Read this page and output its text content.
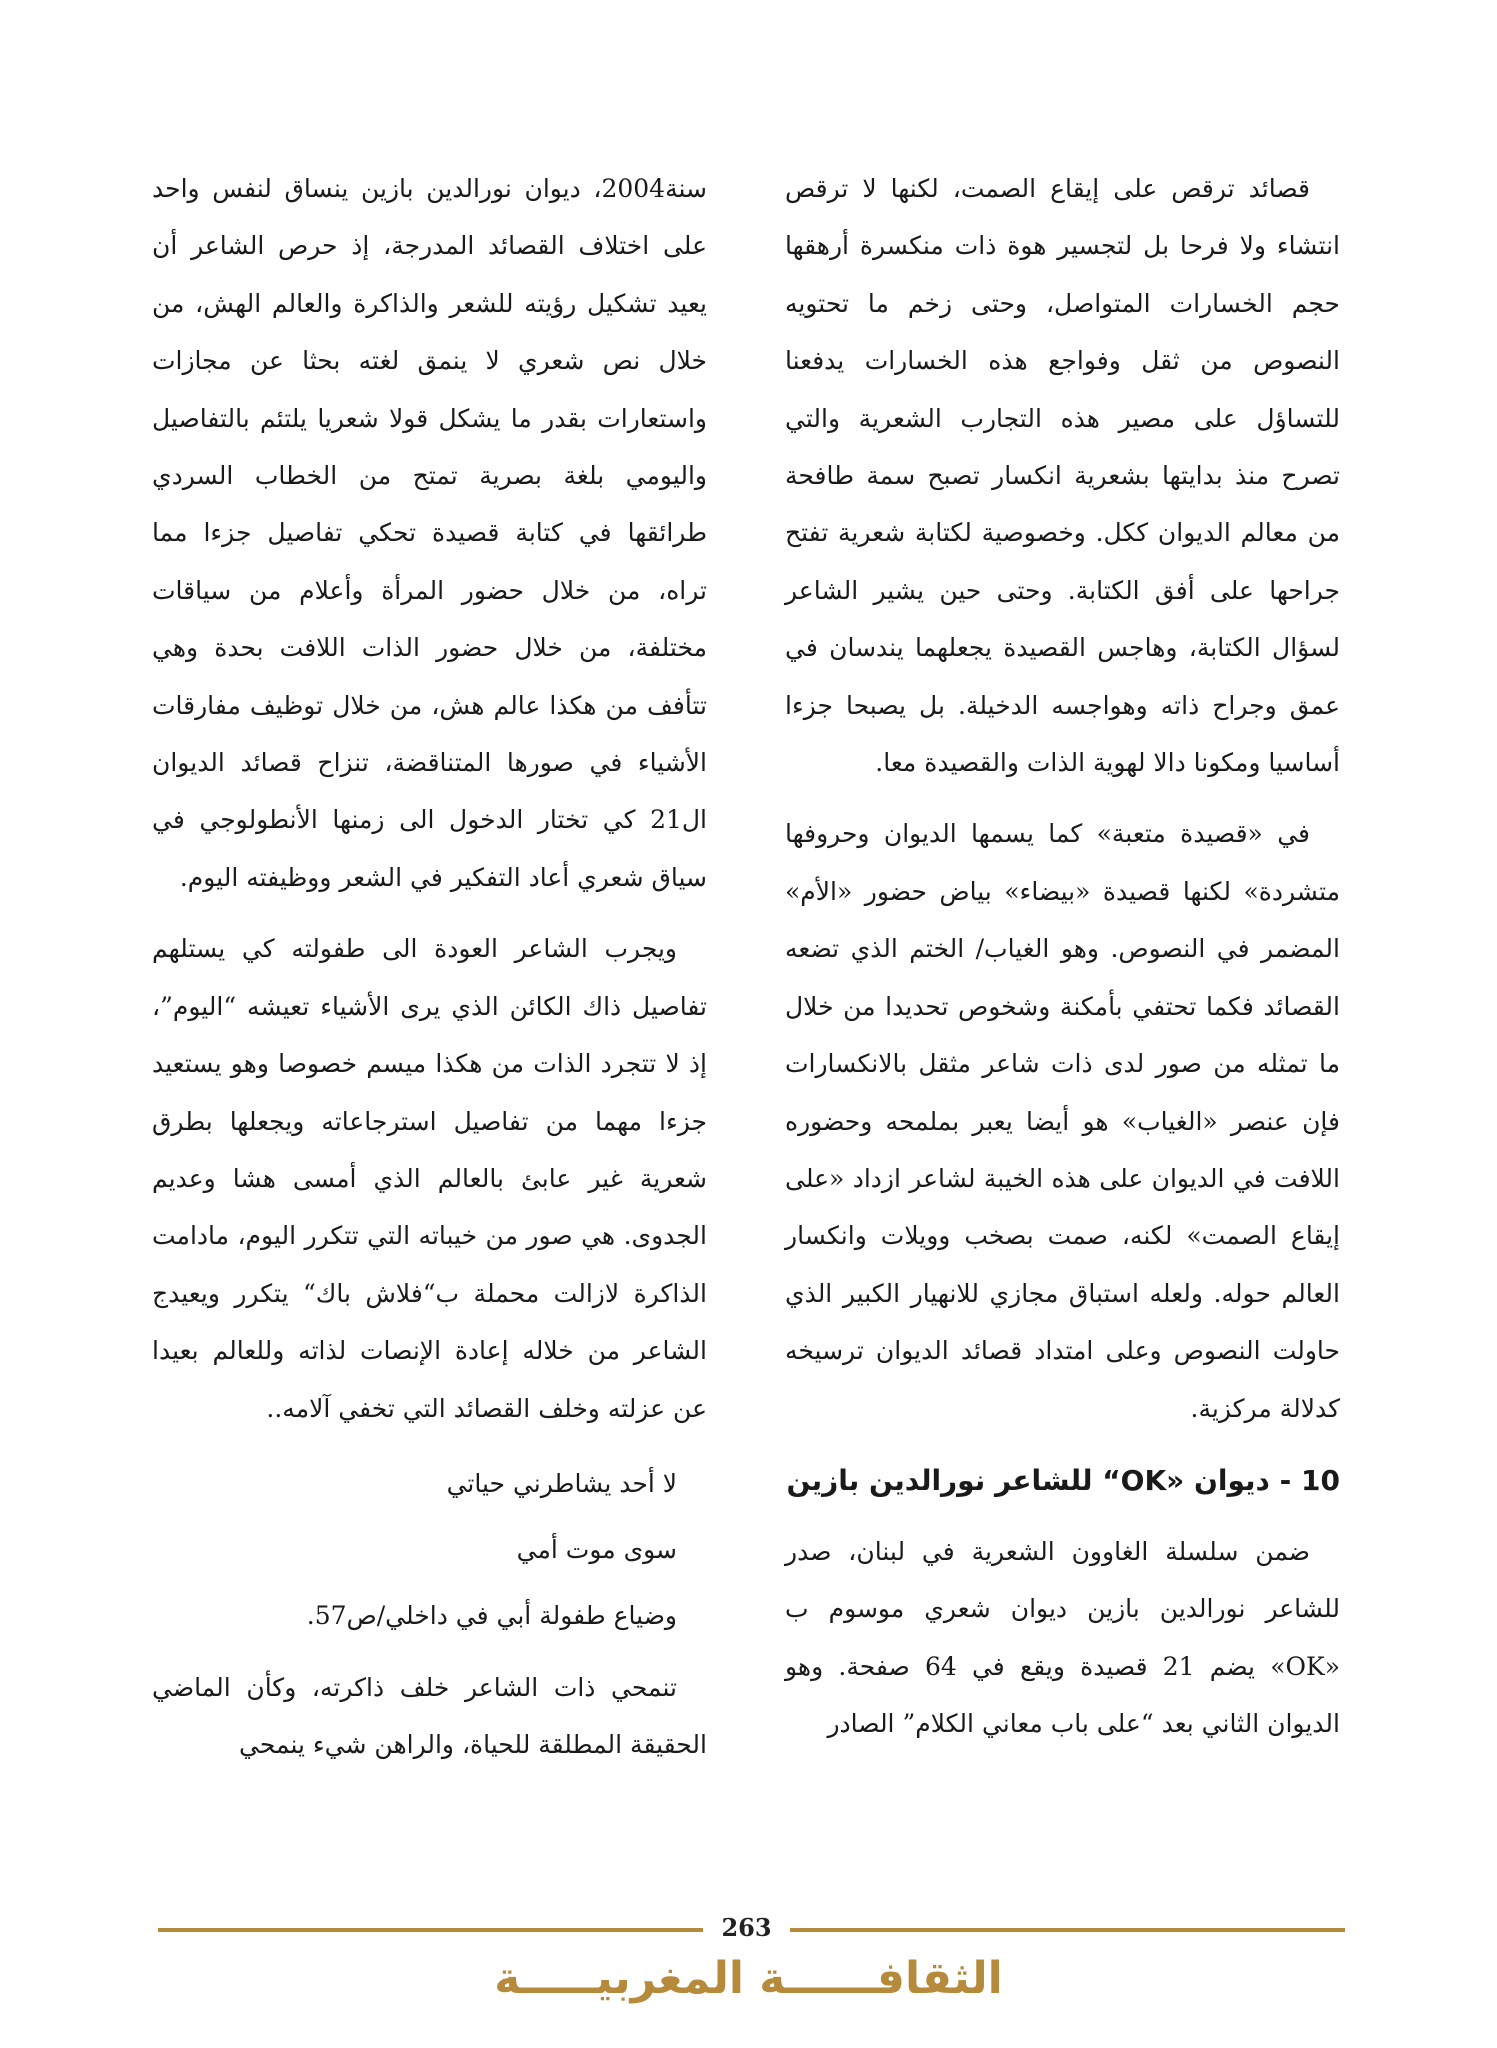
قصائد ترقص على إيقاع الصمت، لكنها لا ترقص انتشاء ولا فرحا بل لتجسير هوة ذات منكسرة أرهقها حجم الخسارات المتواصل، وحتى زخم ما تحتويه النصوص من ثقل وفواجع هذه الخسارات يدفعنا للتساؤل على مصير هذه التجارب الشعرية والتي تصرح منذ بدايتها بشعرية انكسار تصبح سمة طافحة من معالم الديوان ككل. وخصوصية لكتابة شعرية تفتح جراحها على أفق الكتابة. وحتى حين يشير الشاعر لسؤال الكتابة، وهاجس القصيدة يجعلهما يندسان في عمق وجراح ذاته وهواجسه الدخيلة. بل يصبحا جزءا أساسيا ومكونا دالا لهوية الذات والقصيدة معا.

في «قصيدة متعبة» كما يسمها الديوان وحروفها متشردة» لكنها قصيدة «بيضاء» بياض حضور «الأم» المضمر في النصوص. وهو الغياب/ الختم الذي تضعه القصائد فكما تحتفي بأمكنة وشخوص تحديدا من خلال ما تمثله من صور لدى ذات شاعر مثقل بالانكسارات فإن عنصر «الغياب» هو أيضا يعبر بملمحه وحضوره اللافت في الديوان على هذه الخيبة لشاعر ازداد «على إيقاع الصمت» لكنه، صمت بصخب وويلات وانكسار العالم حوله. ولعله استباق مجازي للانهيار الكبير الذي حاولت النصوص وعلى امتداد قصائد الديوان ترسيخه كدلالة مركزية.

10 - ديوان «OK“ للشاعر نورالدين بازين

ضمن سلسلة الغاوون الشعرية في لبنان، صدر للشاعر نورالدين بازين ديوان شعري موسوم ب «OK» يضم 21 قصيدة ويقع في 64 صفحة. وهو الديوان الثاني بعد “على باب معاني الكلام” الصادر

سنة2004، ديوان نورالدين بازين ينساق لنفس واحد على اختلاف القصائد المدرجة، إذ حرص الشاعر أن يعيد تشكيل رؤيته للشعر والذاكرة والعالم الهش، من خلال نص شعري لا ينمق لغته بحثا عن مجازات واستعارات بقدر ما يشكل قولا شعريا يلتئم بالتفاصيل واليومي بلغة بصرية تمتح من الخطاب السردي طرائقها في كتابة قصيدة تحكي تفاصيل جزءا مما تراه، من خلال حضور المرأة وأعلام من سياقات مختلفة، من خلال حضور الذات اللافت بحدة وهي تتأفف من هكذا عالم هش، من خلال توظيف مفارقات الأشياء في صورها المتناقضة، تنزاح قصائد الديوان ال21 كي تختار الدخول الى زمنها الأنطولوجي في سياق شعري أعاد التفكير في الشعر ووظيفته اليوم.

ويجرب الشاعر العودة الى طفولته كي يستلهم تفاصيل ذاك الكائن الذي يرى الأشياء تعيشه “اليوم”، إذ لا تتجرد الذات من هكذا ميسم خصوصا وهو يستعيد جزءا مهما من تفاصيل استرجاعاته ويجعلها بطرق شعرية غير عابئ بالعالم الذي أمسى هشا وعديم الجدوى. هي صور من خيباته التي تتكرر اليوم، مادامت الذاكرة لازالت محملة ب“فلاش باك“ يتكرر ويعيدج الشاعر من خلاله إعادة الإنصات لذاته وللعالم بعيدا عن عزلته وخلف القصائد التي تخفي آلامه..

لا أحد يشاطرني حياتي
سوى موت أمي
وضياع طفولة أبي في داخلي/ص57.

تنمحي ذات الشاعر خلف ذاكرته، وكأن الماضي الحقيقة المطلقة للحياة، والراهن شيء ينمحي

263
الثقافــــــة المغربيـــــة
